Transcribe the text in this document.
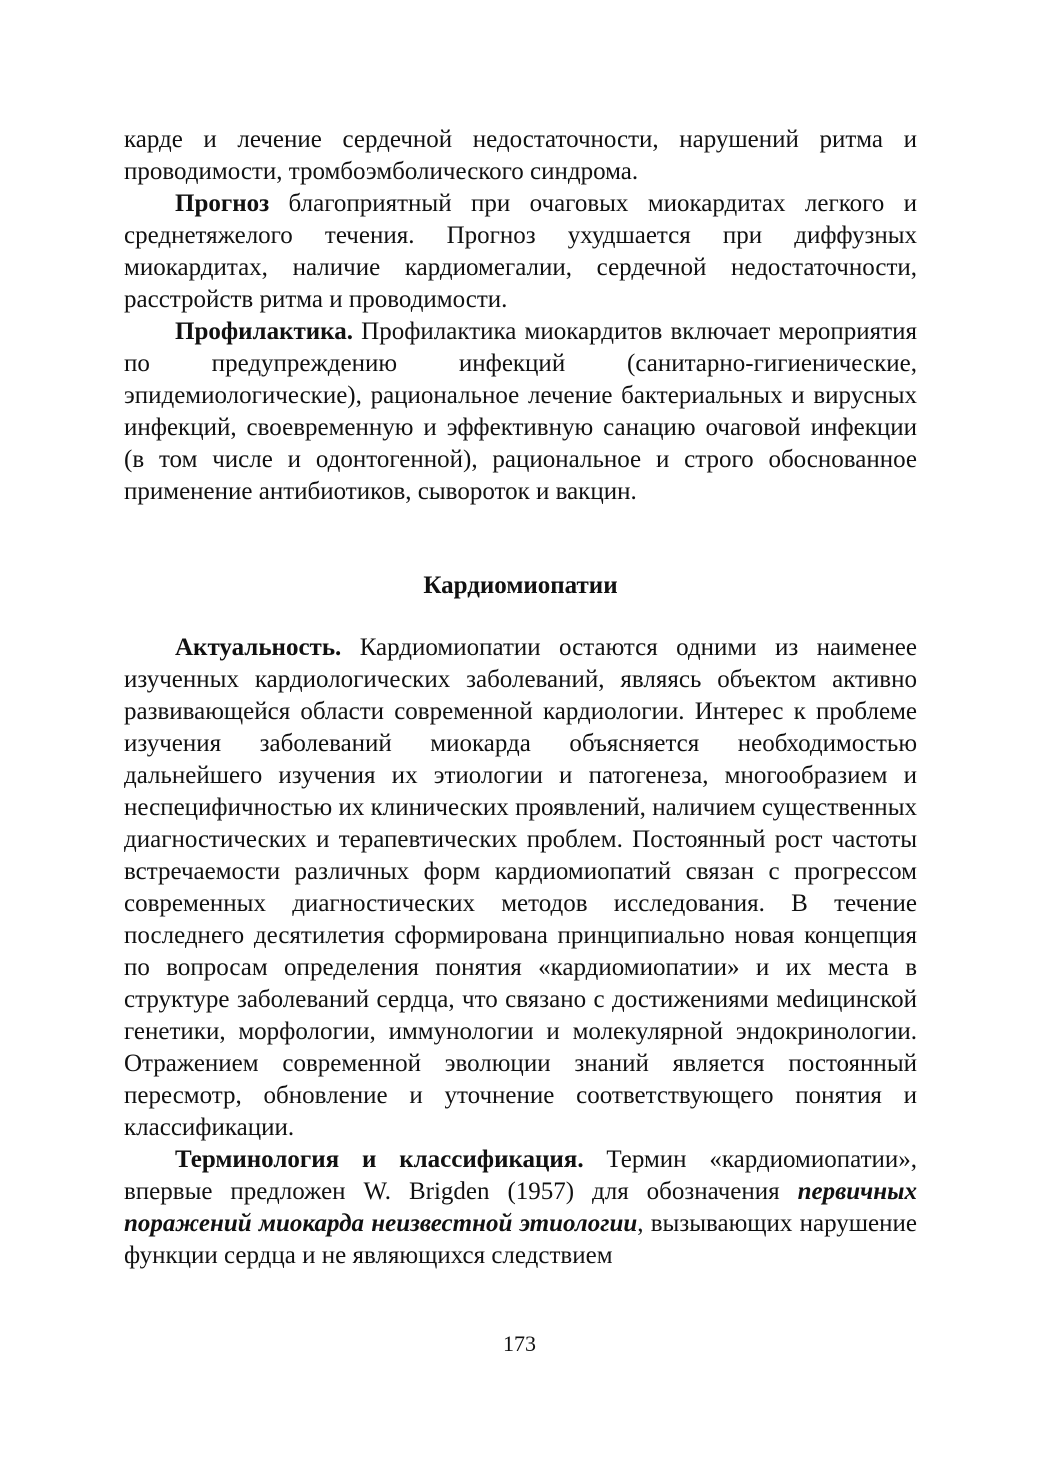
карде и лечение сердечной недостаточности, нарушений ритма и проводимости, тромбоэмболического синдрома.

Прогноз благоприятный при очаговых миокардитах легкого и среднетяжелого течения. Прогноз ухудшается при диффузных миокардитах, наличие кардиомегалии, сердечной недостаточности, расстройств ритма и проводимости.

Профилактика. Профилактика миокардитов включает мероприятия по предупреждению инфекций (санитарно-гигиенические, эпидемиологические), рациональное лечение бактериальных и вирусных инфекций, своевременную и эффективную санацию очаговой инфекции (в том числе и одонтогенной), рациональное и строго обоснованное применение антибиотиков, сывороток и вакцин.

Кардиомиопатии

Актуальность. Кардиомиопатии остаются одними из наименее изученных кардиологических заболеваний, являясь объектом активно развивающейся области современной кардиологии. Интерес к проблеме изучения заболеваний миокарда объясняется необходимостью дальнейшего изучения их этиологии и патогенеза, многообразием и неспецифичностью их клинических проявлений, наличием существенных диагностических и терапевтических проблем. Постоянный рост частоты встречаемости различных форм кардиомиопатий связан с прогрессом современных диагностических методов исследования. В течение последнего десятилетия сформирована принципиально новая концепция по вопросам определения понятия «кардиомиопатии» и их места в структуре заболеваний сердца, что связано с достижениями меdицинской генетики, морфологии, иммунологии и молекулярной эндокринологии. Отражением современной эволюции знаний является постоянный пересмотр, обновление и уточнение соответствующего понятия и классификации.

Терминология и классификация. Термин «кардиомиопатии», впервые предложен W. Brigden (1957) для обозначения первичных поражений миокарда неизвестной этиологии, вызывающих нарушение функции сердца и не являющихся следствием

173
